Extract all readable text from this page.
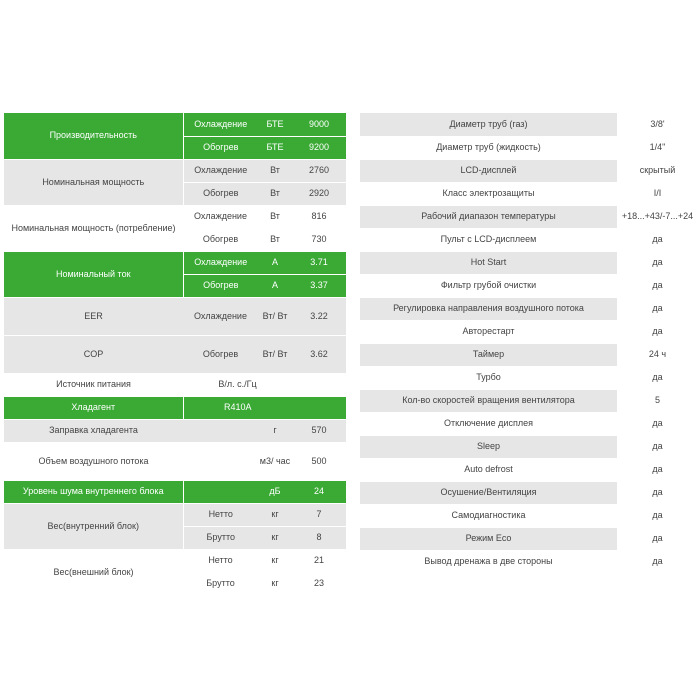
Производительность	Охлаждение	БТЕ	9000
	Обогрев	БТЕ	9200
Номинальная мощность	Охлаждение	Вт	2760
	Обогрев	Вт	2920
Номинальная мощность (потребление)	Охлаждение	Вт	816
	Обогрев	Вт	730
Номинальный ток	Охлаждение	А	3.71
	Обогрев	А	3.37
EER	Охлаждение	Вт/ Вт	3.22
COP	Обогрев	Вт/ Вт	3.62
Источник питания	В/л. с./Гц		
Хладагент	R410A		
Заправка хладагента		г	570
Объем воздушного потока		м3/ час	500
Уровень шума внутреннего блока		дБ	24
Вес(внутренний блок)	Нетто	кг	7
	Брутто	кг	8
Вес(внешний блок)	Нетто	кг	21
	Брутто	кг	23
Диаметр труб (газ)	3/8'
Диаметр труб (жидкость)	1/4"
LCD-дисплей	скрытый
Класс электрозащиты	I/I
Рабочий диапазон температуры	+18...+43/-7...+24
Пульт с LCD-дисплеем	да
Hot Start	да
Фильтр грубой очистки	да
Регулировка направления воздушного потока	да
Авторестарт	да
Таймер	24 ч
Турбо	да
Кол-во скоростей вращения вентилятора	5
Отключение дисплея	да
Sleep	да
Auto defrost	да
Осушение/Вентиляция	да
Самодиагностика	да
Режим Eco	да
Вывод дренажа в две стороны	да
